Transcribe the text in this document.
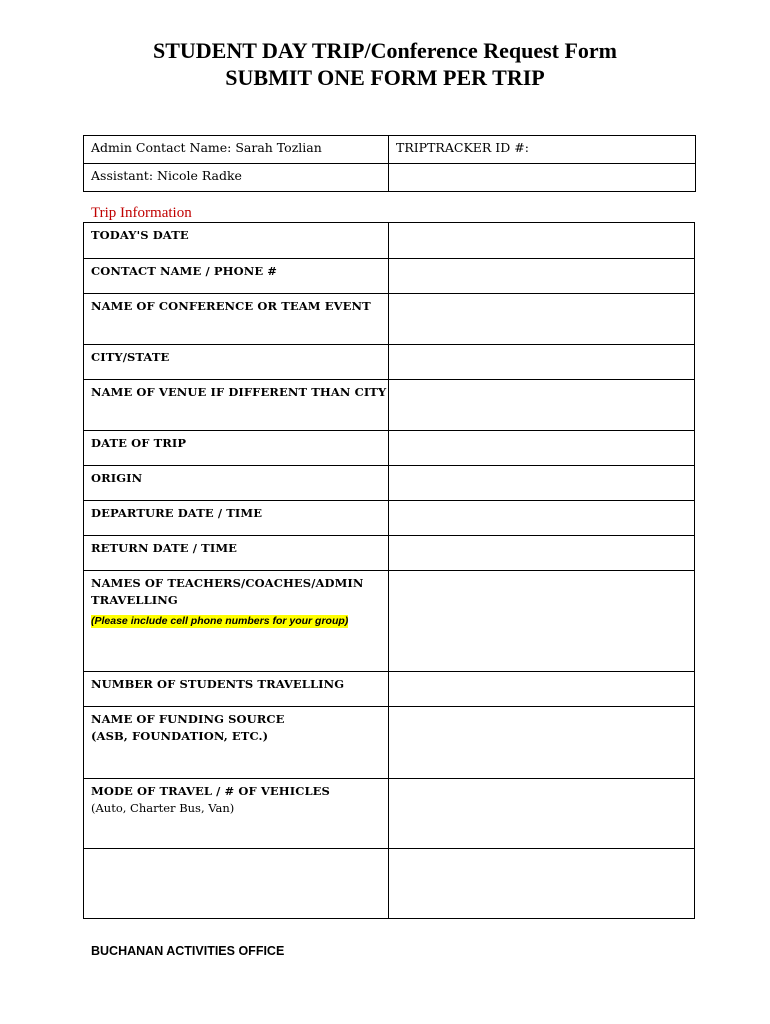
STUDENT DAY TRIP/Conference Request Form
SUBMIT ONE FORM PER TRIP
Admin Contact Name: Sarah Tozlian	TRIPTRACKER ID #:

Assistant: Nicole Radke	

Trip Information
TODAY'S DATE	

CONTACT NAME / PHONE #	

NAME OF CONFERENCE OR TEAM EVENT	

CITY/STATE	

NAME OF VENUE IF DIFFERENT THAN CITY	

DATE OF TRIP	

ORIGIN	

DEPARTURE DATE / TIME	

RETURN DATE / TIME	

NAMES OF TEACHERS/COACHES/ADMIN
TRAVELLING
(Please include cell phone numbers for your group)	

NUMBER OF STUDENTS TRAVELLING	

NAME OF FUNDING SOURCE
(ASB, FOUNDATION, ETC.)	

MODE OF TRAVEL / # OF VEHICLES
(Auto, Charter Bus, Van)	

BUCHANAN ACTIVITIES OFFICE
